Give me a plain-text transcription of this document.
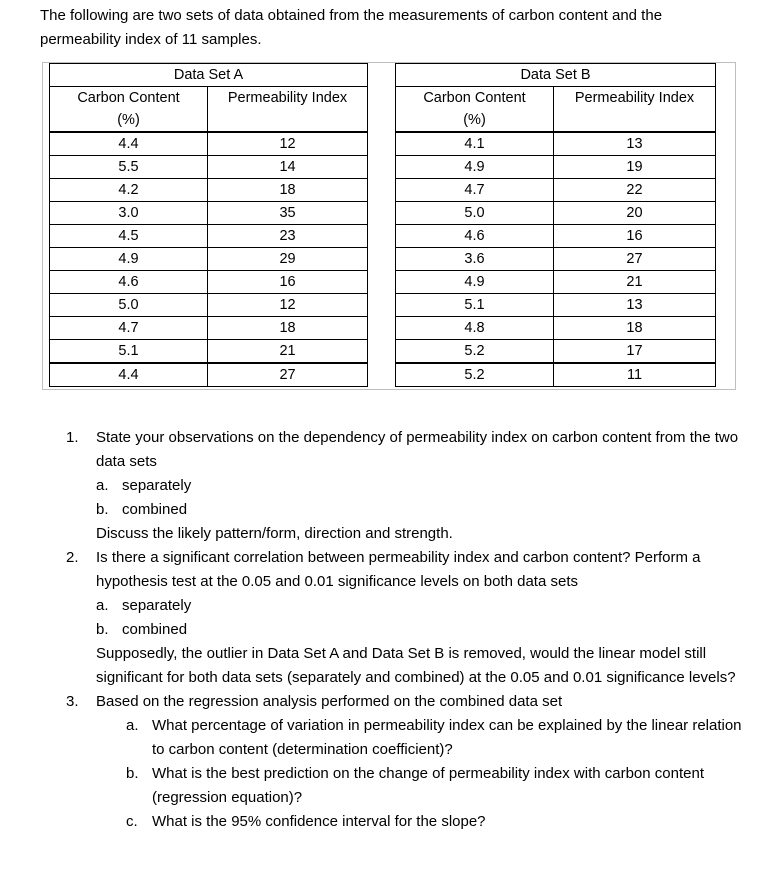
The following are two sets of data obtained from the measurements of carbon content and the permeability index of 11 samples.
Data Set A	

Carbon Content
(%)	Permeability Index
4.4	12
5.5	14
4.2	18
3.0	35
4.5	23
4.9	29
4.6	16
5.0	12
4.7	18
5.1	21
4.4	27
Data Set B	

Carbon Content
(%)	Permeability Index
4.1	13
4.9	19
4.7	22
5.0	20
4.6	16
3.6	27
4.9	21
5.1	13
4.8	18
5.2	17
5.2	11
1. State your observations on the dependency of permeability index on carbon content from the two data sets
a. separately
b. combined
Discuss the likely pattern/form, direction and strength.
2. Is there a significant correlation between permeability index and carbon content? Perform a hypothesis test at the 0.05 and 0.01 significance levels on both data sets
a. separately
b. combined
Supposedly, the outlier in Data Set A and Data Set B is removed, would the linear model still significant for both data sets (separately and combined) at the 0.05 and 0.01 significance levels?
3. Based on the regression analysis performed on the combined data set
a. What percentage of variation in permeability index can be explained by the linear relation to carbon content (determination coefficient)?
b. What is the best prediction on the change of permeability index with carbon content (regression equation)?
c. What is the 95% confidence interval for the slope?
